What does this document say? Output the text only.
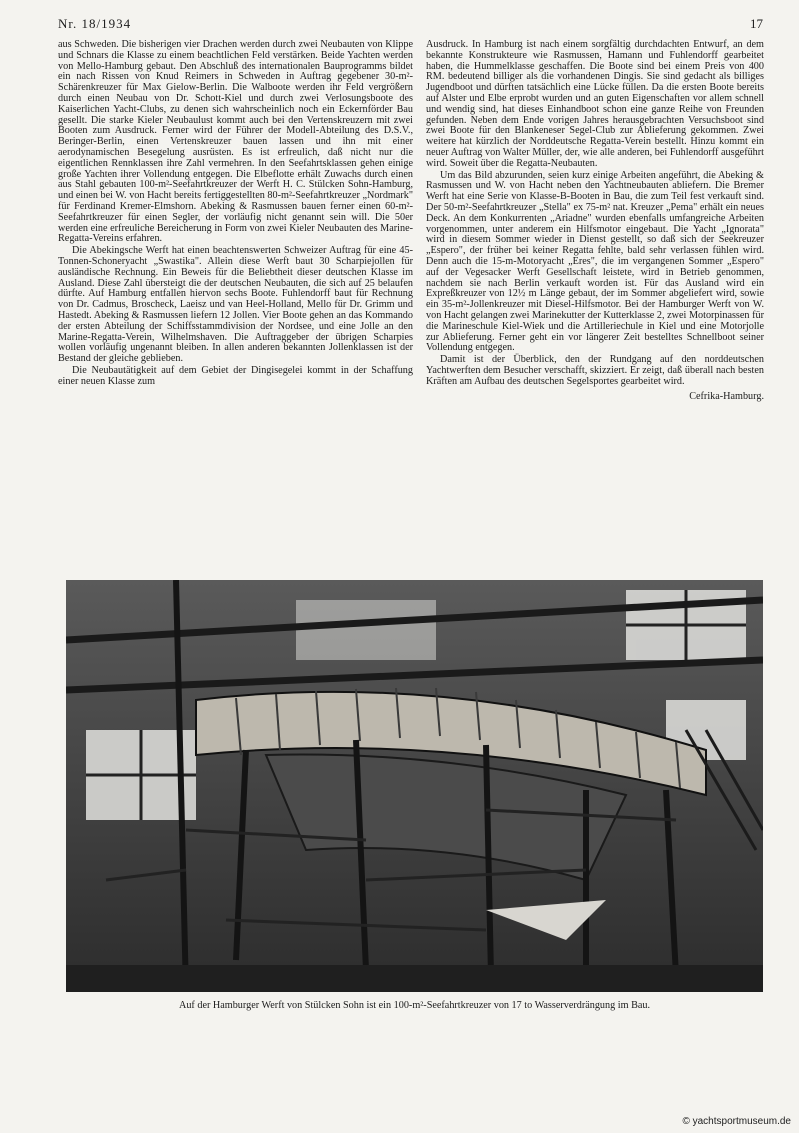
Nr. 18/1934	17

aus Schweden. Die bisherigen vier Drachen werden durch zwei Neubauten von Klippe und Schnars die Klasse zu einem beachtlichen Feld verstärken. Beide Yachten werden von Mello-Hamburg gebaut. Den Abschluß des internationalen Bauprogramms bildet ein nach Rissen von Knud Reimers in Schweden in Auftrag gegebener 30-m²-Schärenkreuzer für Max Gielow-Berlin. Die Walboote werden ihr Feld vergrößern durch einen Neubau von Dr. Schott-Kiel und durch zwei Verlosungsboote des Kaiserlichen Yacht-Clubs, zu denen sich wahrscheinlich noch ein Eckernförder Bau gesellt. Die starke Kieler Neubaulust kommt auch bei den Vertenskreuzern mit zwei Booten zum Ausdruck. Ferner wird der Führer der Modell-Abteilung des D.S.V., Beringer-Berlin, einen Vertenskreuzer bauen lassen und ihn mit einer aerodynamischen Besegelung ausrüsten. Es ist erfreulich, daß nicht nur die eigentlichen Rennklassen ihre Zahl vermehren. In den Seefahrtsklassen gehen einige große Yachten ihrer Vollendung entgegen. Die Elbeflotte erhält Zuwachs durch einen aus Stahl gebauten 100-m²-Seefahrtkreuzer der Werft H. C. Stülcken Sohn-Hamburg, und einen bei W. von Hacht bereits fertiggestellten 80-m²-Seefahrtkreuzer „Nordmark" für Ferdinand Kremer-Elmshorn. Abeking & Rasmussen bauen ferner einen 60-m²-Seefahrtkreuzer für einen Segler, der vorläufig nicht genannt sein will. Die 50er werden eine erfreuliche Bereicherung in Form von zwei Kieler Neubauten des Marine-Regatta-Vereins erfahren.

Die Abekingsche Werft hat einen beachtenswerten Schweizer Auftrag für eine 45-Tonnen-Schoneryacht „Swastika". Allein diese Werft baut 30 Scharpiejollen für ausländische Rechnung. Ein Beweis für die Beliebtheit dieser deutschen Klasse im Ausland. Diese Zahl übersteigt die der deutschen Neubauten, die sich auf 25 belaufen dürfte. Auf Hamburg entfallen hiervon sechs Boote. Fuhlendorff baut für Rechnung von Dr. Cadmus, Broscheck, Laeisz und van Heel-Holland, Mello für Dr. Grimm und Hastedt. Abeking & Rasmussen liefern 12 Jollen. Vier Boote gehen an das Kommando der ersten Abteilung der Schiffsstammdivision der Nordsee, und eine Jolle an den Marine-Regatta-Verein, Wilhelmshaven. Die Auftraggeber der übrigen Scharpies wollen vorläufig ungenannt bleiben. In allen anderen bekannten Jollenklassen ist der Bestand der gleiche geblieben.

Die Neubautätigkeit auf dem Gebiet der Dingisegelei kommt in der Schaffung einer neuen Klasse zum

Ausdruck. In Hamburg ist nach einem sorgfältig durchdachten Entwurf, an dem bekannte Konstrukteure wie Rasmussen, Hamann und Fuhlendorff gearbeitet haben, die Hummelklasse geschaffen. Die Boote sind bei einem Preis von 400 RM. bedeutend billiger als die vorhandenen Dingis. Sie sind gedacht als billiges Jugendboot und dürften tatsächlich eine Lücke füllen. Da die ersten Boote bereits auf Alster und Elbe erprobt wurden und an guten Eigenschaften vor allem schnell und wendig sind, hat dieses Einhandboot schon eine ganze Reihe von Freunden gefunden. Neben dem Ende vorigen Jahres herausgebrachten Versuchsboot sind zwei Boote für den Blankeneser Segel-Club zur Ablieferung gekommen. Zwei weitere hat kürzlich der Norddeutsche Regatta-Verein bestellt. Hinzu kommt ein neuer Auftrag von Walter Müller, der, wie alle anderen, bei Fuhlendorff ausgeführt wird. Soweit über die Regatta-Neubauten.

Um das Bild abzurunden, seien kurz einige Arbeiten angeführt, die Abeking & Rasmussen und W. von Hacht neben den Yachtneubauten abliefern. Die Bremer Werft hat eine Serie von Klasse-B-Booten in Bau, die zum Teil fest verkauft sind. Der 50-m²-Seefahrtkreuzer „Stella" ex 75-m² nat. Kreuzer „Pema" erhält ein neues Deck. An dem Konkurrenten „Ariadne" wurden ebenfalls umfangreiche Arbeiten vorgenommen, unter anderem ein Hilfsmotor eingebaut. Die Yacht „Ignorata" wird in diesem Sommer wieder in Dienst gestellt, so daß sich der Seekreuzer „Espero", der früher bei keiner Regatta fehlte, bald sehr verlassen fühlen wird. Denn auch die 15-m-Motoryacht „Eres", die im vergangenen Sommer „Espero" auf der Vegesacker Werft Gesellschaft leistete, wird in Betrieb genommen, nachdem sie nach Berlin verkauft worden ist. Für das Ausland wird ein Expreßkreuzer von 12½ m Länge gebaut, der im Sommer abgeliefert wird, sowie ein 35-m²-Jollenkreuzer mit Diesel-Hilfsmotor. Bei der Hamburger Werft von W. von Hacht gelangen zwei Marinekutter der Kutterklasse 2, zwei Motorpinassen für die Marineschule Kiel-Wiek und die Artilleriechule in Kiel und eine Motorjolle zur Ablieferung. Ferner geht ein vor längerer Zeit bestelltes Schnellboot seiner Vollendung entgegen.

Damit ist der Überblick, den der Rundgang auf den norddeutschen Yachtwerften dem Besucher verschafft, skizziert. Er zeigt, daß überall nach besten Kräften am Aufbau des deutschen Segelsportes gearbeitet wird.

Cefrika-Hamburg.

Auf der Hamburger Werft von Stülcken Sohn ist ein 100-m²-Seefahrtkreuzer von 17 to Wasserverdrängung im Bau.
© yachtsportmuseum.de
